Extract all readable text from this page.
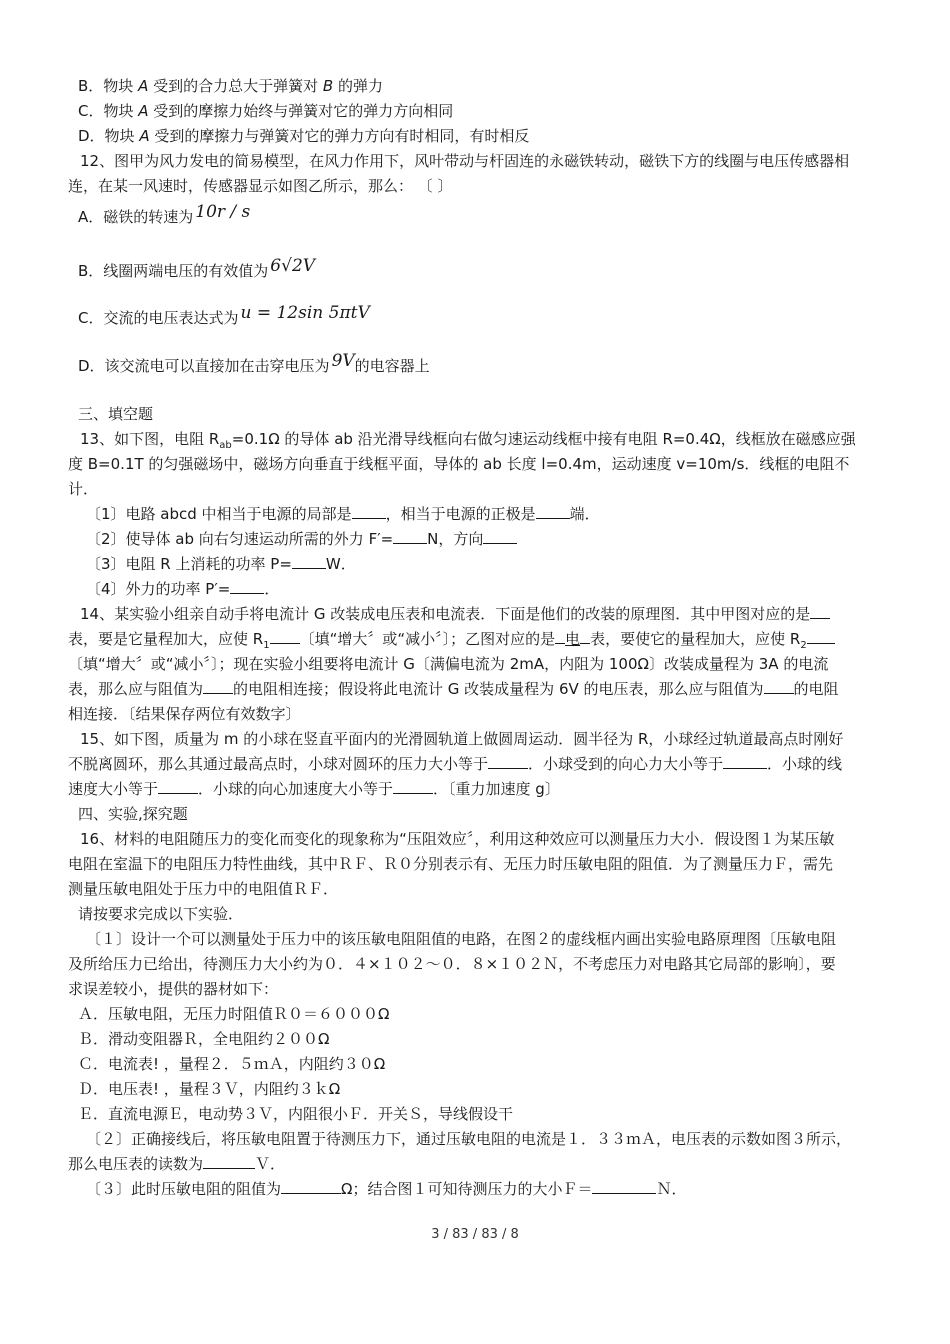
B．物块 A 受到的合力总大于弹簧对 B 的弹力
C．物块 A 受到的摩擦力始终与弹簧对它的弹力方向相同
D．物块 A 受到的摩擦力与弹簧对它的弹力方向有时相同，有时相反
12、图甲为风力发电的简易模型，在风力作用下，风叶带动与杆固连的永磁铁转动，磁铁下方的线圈与电压传感器相
连，在某一风速时，传感器显示如图乙所示，那么： 〔 〕
A．磁铁的转速为 10r / s
B．线圈两端电压的有效值为 6√2V
C．交流的电压表达式为 u = 12sin 5πtV
D．该交流电可以直接加在击穿电压为 9V的电容器上
三、填空题
13、如下图，电阻 $R_{ab}=0.1\Omega$ 的导体 ab 沿光滑导线框向右做匀速运动线框中接有电阻 R=0.4Ω，线框放在磁感应强
度 B=0.1T 的匀强磁场中，磁场方向垂直于线框平面，导体的 ab 长度 l=0.4m，运动速度 v=10m/s．线框的电阻不
计．
〔1〕电路 abcd 中相当于电源的局部是 ，相当于电源的正极是 端．
〔2〕使导体 ab 向右匀速运动所需的外力 F′= N，方向
〔3〕电阻 R 上消耗的功率 P= W．
〔4〕外力的功率 P′= ．
14、某实验小组亲自动手将电流计 G 改装成电压表和电流表．下面是他们的改装的原理图．其中甲图对应的是
表，要是它量程加大，应使 $R_1$ 〔填“增大〞或“减小〞〕；乙图对应的是 电 表，要使它的量程加大，应使 $R_2$
〔填“增大〞或“减小〞〕；现在实验小组要将电流计 G〔满偏电流为 2mA，内阻为 100Ω〕改装成量程为 3A 的电流
表，那么应与阻值为 的电阻相连接；假设将此电流计 G 改装成量程为 6V 的电压表，那么应与阻值为 的电阻
相连接．〔结果保存两位有效数字〕
15、如下图，质量为 m 的小球在竖直平面内的光滑圆轨道上做圆周运动．圆半径为 R，小球经过轨道最高点时刚好
不脱离圆环，那么其通过最高点时，小球对圆环的压力大小等于	．小球受到的向心力大小等于	．小球的线
速度大小等于	．小球的向心加速度大小等于	．〔重力加速度 g〕
四、实验,探究题
16、材料的电阻随压力的变化而变化的现象称为“压阻效应〞，利用这种效应可以测量压力大小．假设图１为某压敏
电阻在室温下的电阻压力特性曲线，其中ＲＦ、Ｒ０分别表示有、无压力时压敏电阻的阻值．为了测量压力Ｆ，需先
测量压敏电阻处于压力中的电阻值ＲＦ．
请按要求完成以下实验．
〔１〕设计一个可以测量处于压力中的该压敏电阻阻值的电路，在图２的虚线框内画出实验电路原理图〔压敏电阻
及所给压力已给出，待测压力大小约为０．４×１０２～０．８×１０２Ｎ，不考虑压力对电路其它局部的影响〕，要
求误差较小，提供的器材如下：
Ａ．压敏电阻，无压力时阻值Ｒ０＝６０００Ω
Ｂ．滑动变阻器Ｒ，全电阻约２００Ω
Ｃ．电流表! ，量程２．５ｍＡ，内阻约３０Ω
Ｄ．电压表! ，量程３Ｖ，内阻约３ｋΩ
Ｅ．直流电源Ｅ，电动势３Ｖ，内阻很小Ｆ．开关Ｓ，导线假设干
〔２〕正确接线后，将压敏电阻置于待测压力下，通过压敏电阻的电流是１．３３ｍＡ，电压表的示数如图３所示，
那么电压表的读数为	Ｖ．
〔３〕此时压敏电阻的阻值为	Ω；结合图１可知待测压力的大小Ｆ＝	Ｎ．
3 / 83 / 83 / 8
